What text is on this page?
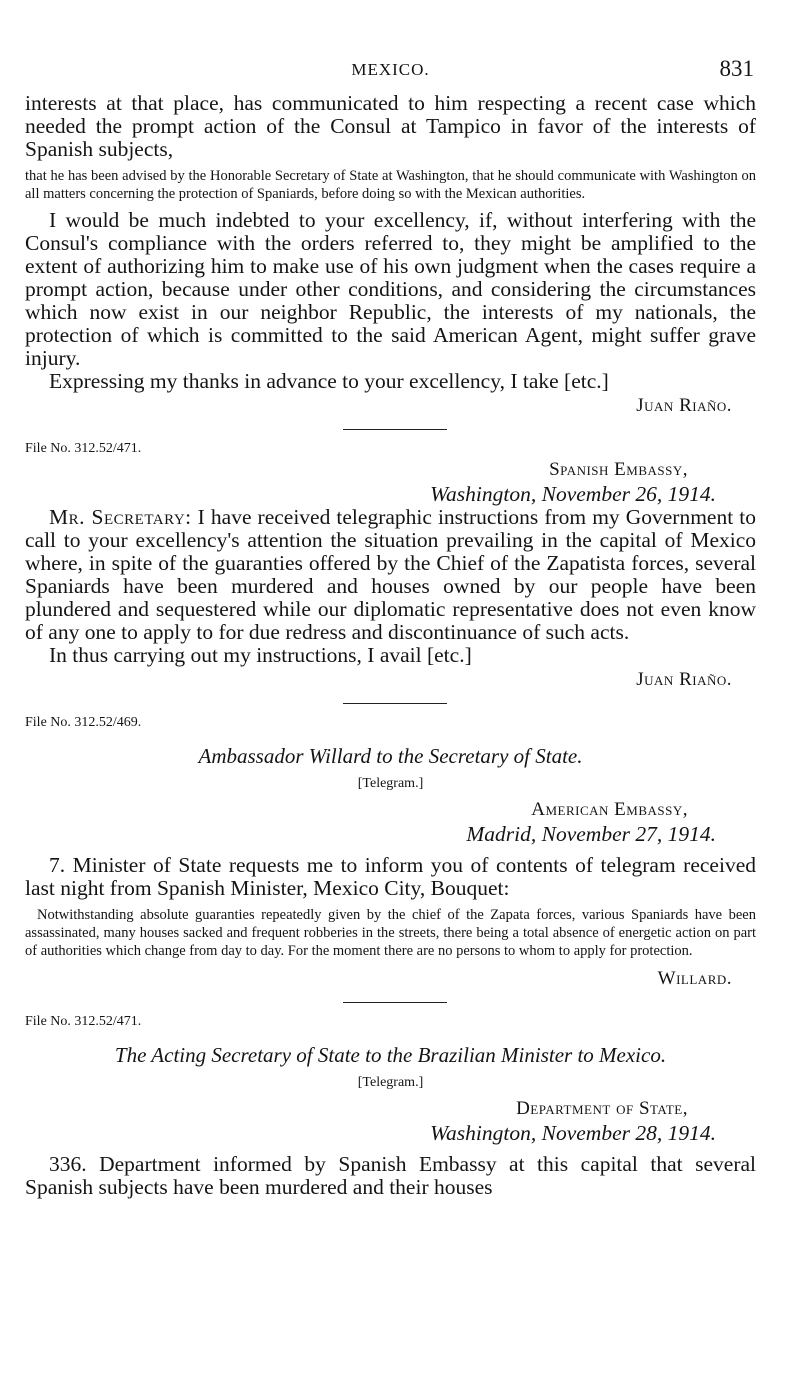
MEXICO.	831

interests at that place, has communicated to him respecting a recent case which needed the prompt action of the Consul at Tampico in favor of the interests of Spanish subjects,

that he has been advised by the Honorable Secretary of State at Washington, that he should communicate with Washington on all matters concerning the protection of Spaniards, before doing so with the Mexican authorities.

I would be much indebted to your excellency, if, without interfering with the Consul's compliance with the orders referred to, they might be amplified to the extent of authorizing him to make use of his own judgment when the cases require a prompt action, because under other conditions, and considering the circumstances which now exist in our neighbor Republic, the interests of my nationals, the protection of which is committed to the said American Agent, might suffer grave injury.

Expressing my thanks in advance to your excellency, I take [etc.]

Juan Riaño.

File No. 312.52/471.

Spanish Embassy,
Washington, November 26, 1914.

Mr. Secretary: I have received telegraphic instructions from my Government to call to your excellency's attention the situation prevailing in the capital of Mexico where, in spite of the guaranties offered by the Chief of the Zapatista forces, several Spaniards have been murdered and houses owned by our people have been plundered and sequestered while our diplomatic representative does not even know of any one to apply to for due redress and discontinuance of such acts.

In thus carrying out my instructions, I avail [etc.]

Juan Riaño.

File No. 312.52/469.

Ambassador Willard to the Secretary of State.

[Telegram.]

American Embassy,
Madrid, November 27, 1914.

7. Minister of State requests me to inform you of contents of telegram received last night from Spanish Minister, Mexico City, Bouquet:

Notwithstanding absolute guaranties repeatedly given by the chief of the Zapata forces, various Spaniards have been assassinated, many houses sacked and frequent robberies in the streets, there being a total absence of energetic action on part of authorities which change from day to day. For the moment there are no persons to whom to apply for protection.

Willard.

File No. 312.52/471.

The Acting Secretary of State to the Brazilian Minister to Mexico.

[Telegram.]

Department of State,
Washington, November 28, 1914.

336. Department informed by Spanish Embassy at this capital that several Spanish subjects have been murdered and their houses
